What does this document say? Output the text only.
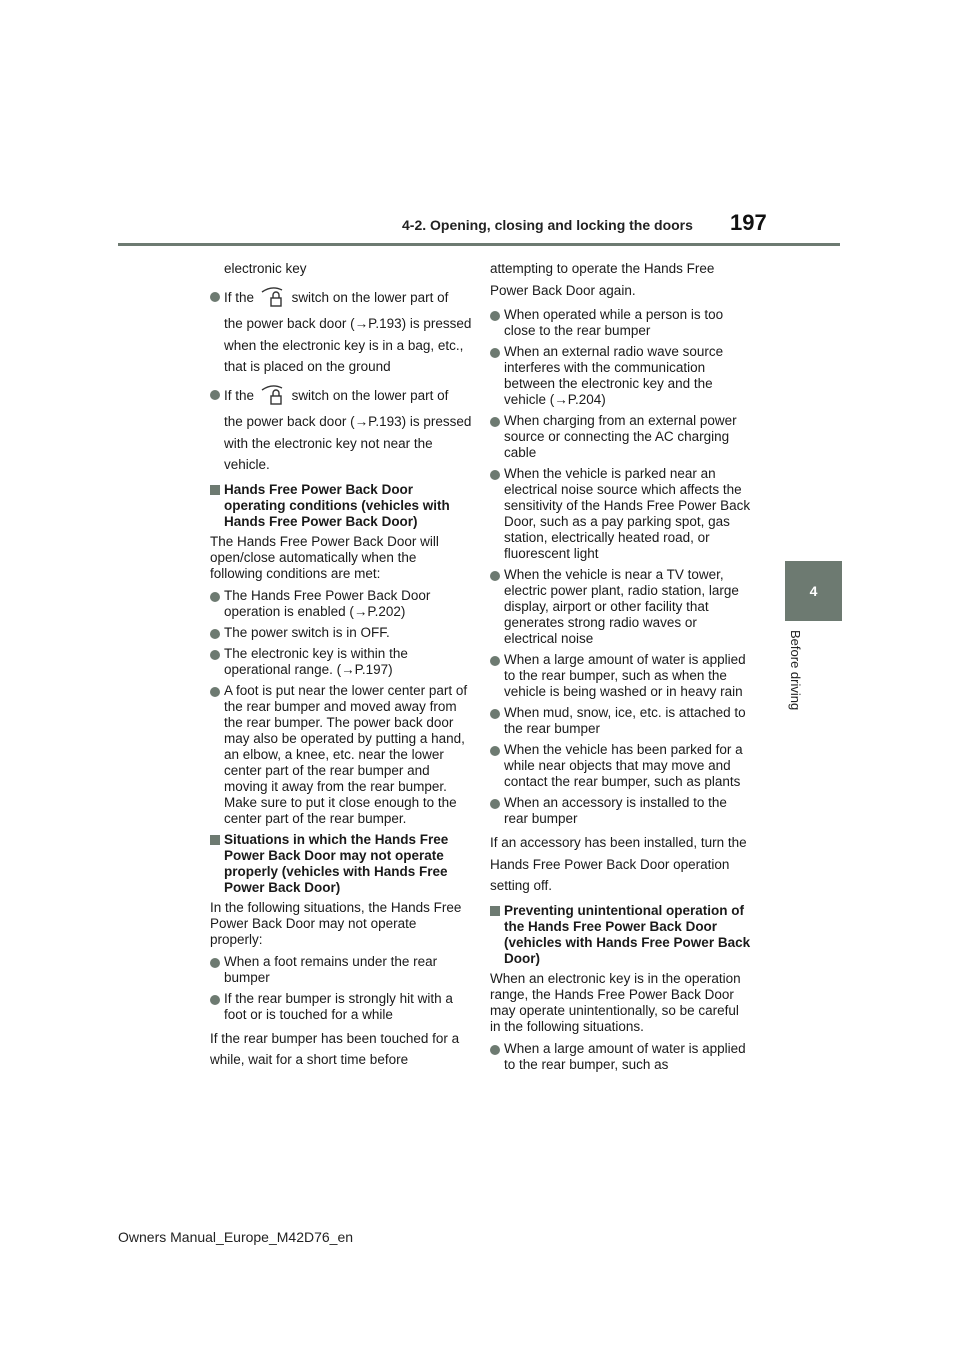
4-2. Opening, closing and locking the doors	197
4
Before driving

electronic key

If the	switch on the lower part of

the power back door (→P.193) is pressed when the electronic key is in a bag, etc., that is placed on the ground

If the	switch on the lower part of

the power back door (→P.193) is pressed with the electronic key not near the vehicle.

Hands Free Power Back Door operating conditions (vehicles with Hands Free Power Back Door)

The Hands Free Power Back Door will open/close automatically when the following conditions are met:

The Hands Free Power Back Door operation is enabled (→P.202)
The power switch is in OFF.
The electronic key is within the operational range. (→P.197)
A foot is put near the lower center part of the rear bumper and moved away from the rear bumper. The power back door may also be operated by putting a hand, an elbow, a knee, etc. near the lower center part of the rear bumper and moving it away from the rear bumper. Make sure to put it close enough to the center part of the rear bumper.
Situations in which the Hands Free Power Back Door may not operate properly (vehicles with Hands Free Power Back Door)

In the following situations, the Hands Free Power Back Door may not operate properly:

When a foot remains under the rear bumper
If the rear bumper is strongly hit with a foot or is touched for a while

If the rear bumper has been touched for a while, wait for a short time before

attempting to operate the Hands Free Power Back Door again.

When operated while a person is too close to the rear bumper
When an external radio wave source interferes with the communication between the electronic key and the vehicle (→P.204)
When charging from an external power source or connecting the AC charging cable
When the vehicle is parked near an electrical noise source which affects the sensitivity of the Hands Free Power Back Door, such as a pay parking spot, gas station, electrically heated road, or fluorescent light
When the vehicle is near a TV tower, electric power plant, radio station, large display, airport or other facility that generates strong radio waves or electrical noise
When a large amount of water is applied to the rear bumper, such as when the vehicle is being washed or in heavy rain
When mud, snow, ice, etc. is attached to the rear bumper
When the vehicle has been parked for a while near objects that may move and contact the rear bumper, such as plants
When an accessory is installed to the rear bumper

If an accessory has been installed, turn the Hands Free Power Back Door operation setting off.

Preventing unintentional operation of the Hands Free Power Back Door (vehicles with Hands Free Power Back Door)

When an electronic key is in the operation range, the Hands Free Power Back Door may operate unintentionally, so be careful in the following situations.

When a large amount of water is applied to the rear bumper, such as
Owners Manual_Europe_M42D76_en
